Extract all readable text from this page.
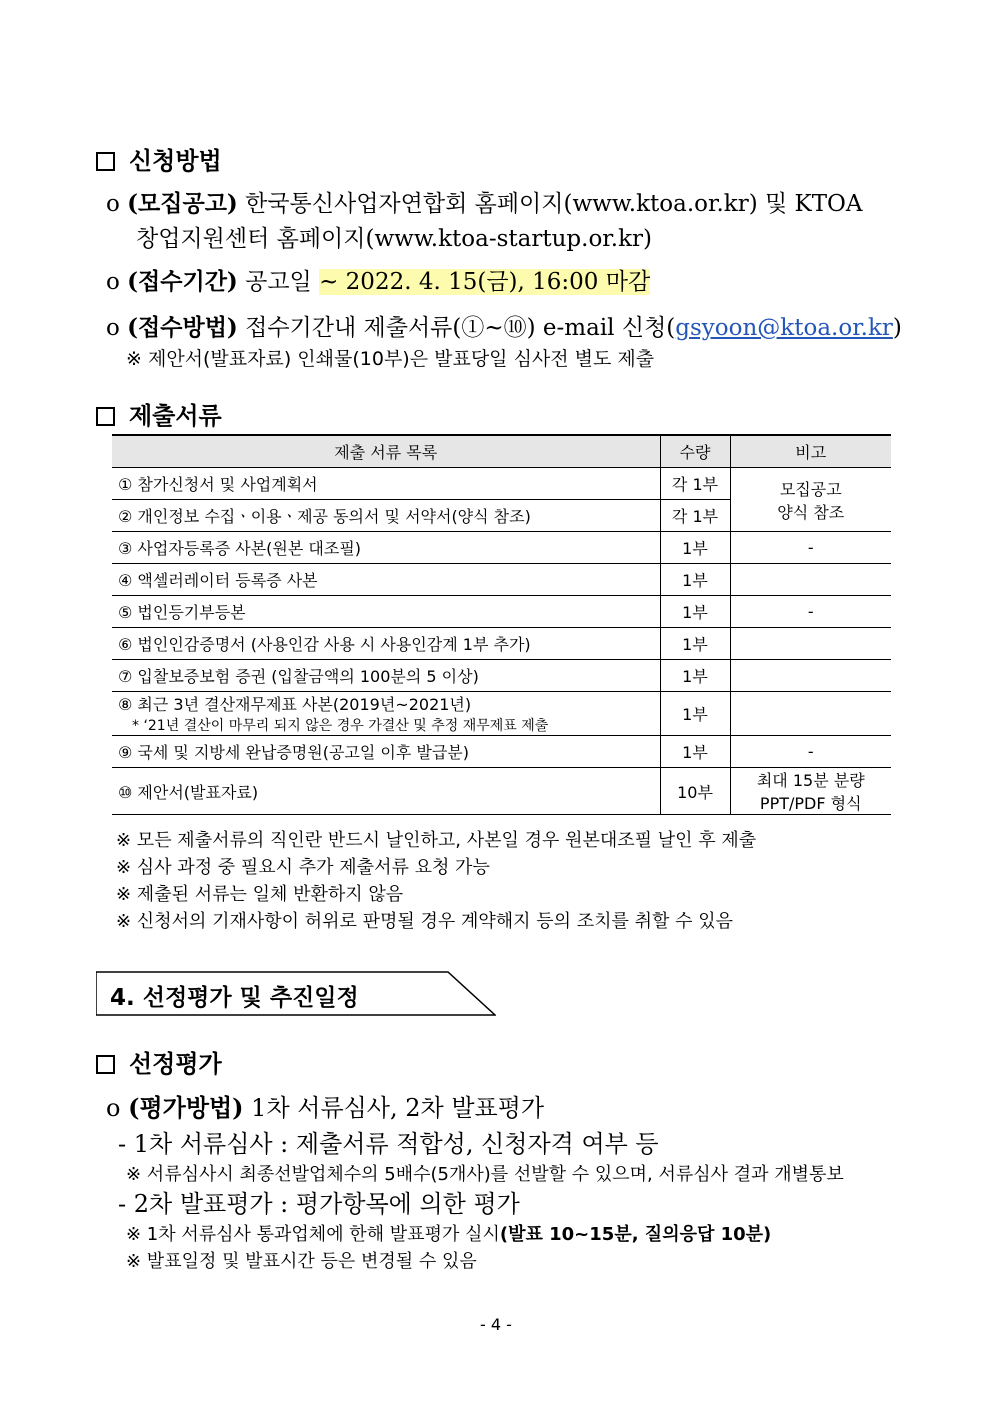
신청방법
o (모집공고) 한국통신사업자연합회 홈페이지(www.ktoa.or.kr) 및 KTOA
창업지원센터 홈페이지(www.ktoa-startup.or.kr)
o (접수기간) 공고일 ~ 2022. 4. 15(금), 16:00 마감
o (접수방법) 접수기간내 제출서류(①~⑩) e-mail 신청(gsyoon@ktoa.or.kr)
※ 제안서(발표자료) 인쇄물(10부)은 발표당일 심사전 별도 제출
제출서류
제출 서류 목록	수량	비고
① 참가신청서 및 사업계획서	각 1부	모집공고
양식 참조

② 개인정보 수집ㆍ이용ㆍ제공 동의서 및 서약서(양식 참조)	각 1부	
③ 사업자등록증 사본(원본 대조필)	1부	-
④ 액셀러레이터 등록증 사본	1부	
⑤ 법인등기부등본	1부	-
⑥ 법인인감증명서 (사용인감 사용 시 사용인감계 1부 추가)	1부	
⑦ 입찰보증보험 증권 (입찰금액의 100분의 5 이상)	1부	

⑧ 최근 3년 결산재무제표 사본(2019년~2021년)
* ‘21년 결산이 마무리 되지 않은 경우 가결산 및 추정 재무제표 제출	1부	
⑨ 국세 및 지방세 완납증명원(공고일 이후 발급분)	1부	-
⑩ 제안서(발표자료)	10부	최대 15분 분량
PPT/PDF 형식
※ 모든 제출서류의 직인란 반드시 날인하고, 사본일 경우 원본대조필 날인 후 제출
※ 심사 과정 중 필요시 추가 제출서류 요청 가능
※ 제출된 서류는 일체 반환하지 않음
※ 신청서의 기재사항이 허위로 판명될 경우 계약해지 등의 조치를 취할 수 있음
4. 선정평가 및 추진일정
선정평가
o (평가방법) 1차 서류심사, 2차 발표평가
- 1차 서류심사 : 제출서류 적합성, 신청자격 여부 등
※ 서류심사시 최종선발업체수의 5배수(5개사)를 선발할 수 있으며, 서류심사 결과 개별통보
- 2차 발표평가 : 평가항목에 의한 평가
※ 1차 서류심사 통과업체에 한해 발표평가 실시(발표 10~15분, 질의응답 10분)
※ 발표일정 및 발표시간 등은 변경될 수 있음
- 4 -
